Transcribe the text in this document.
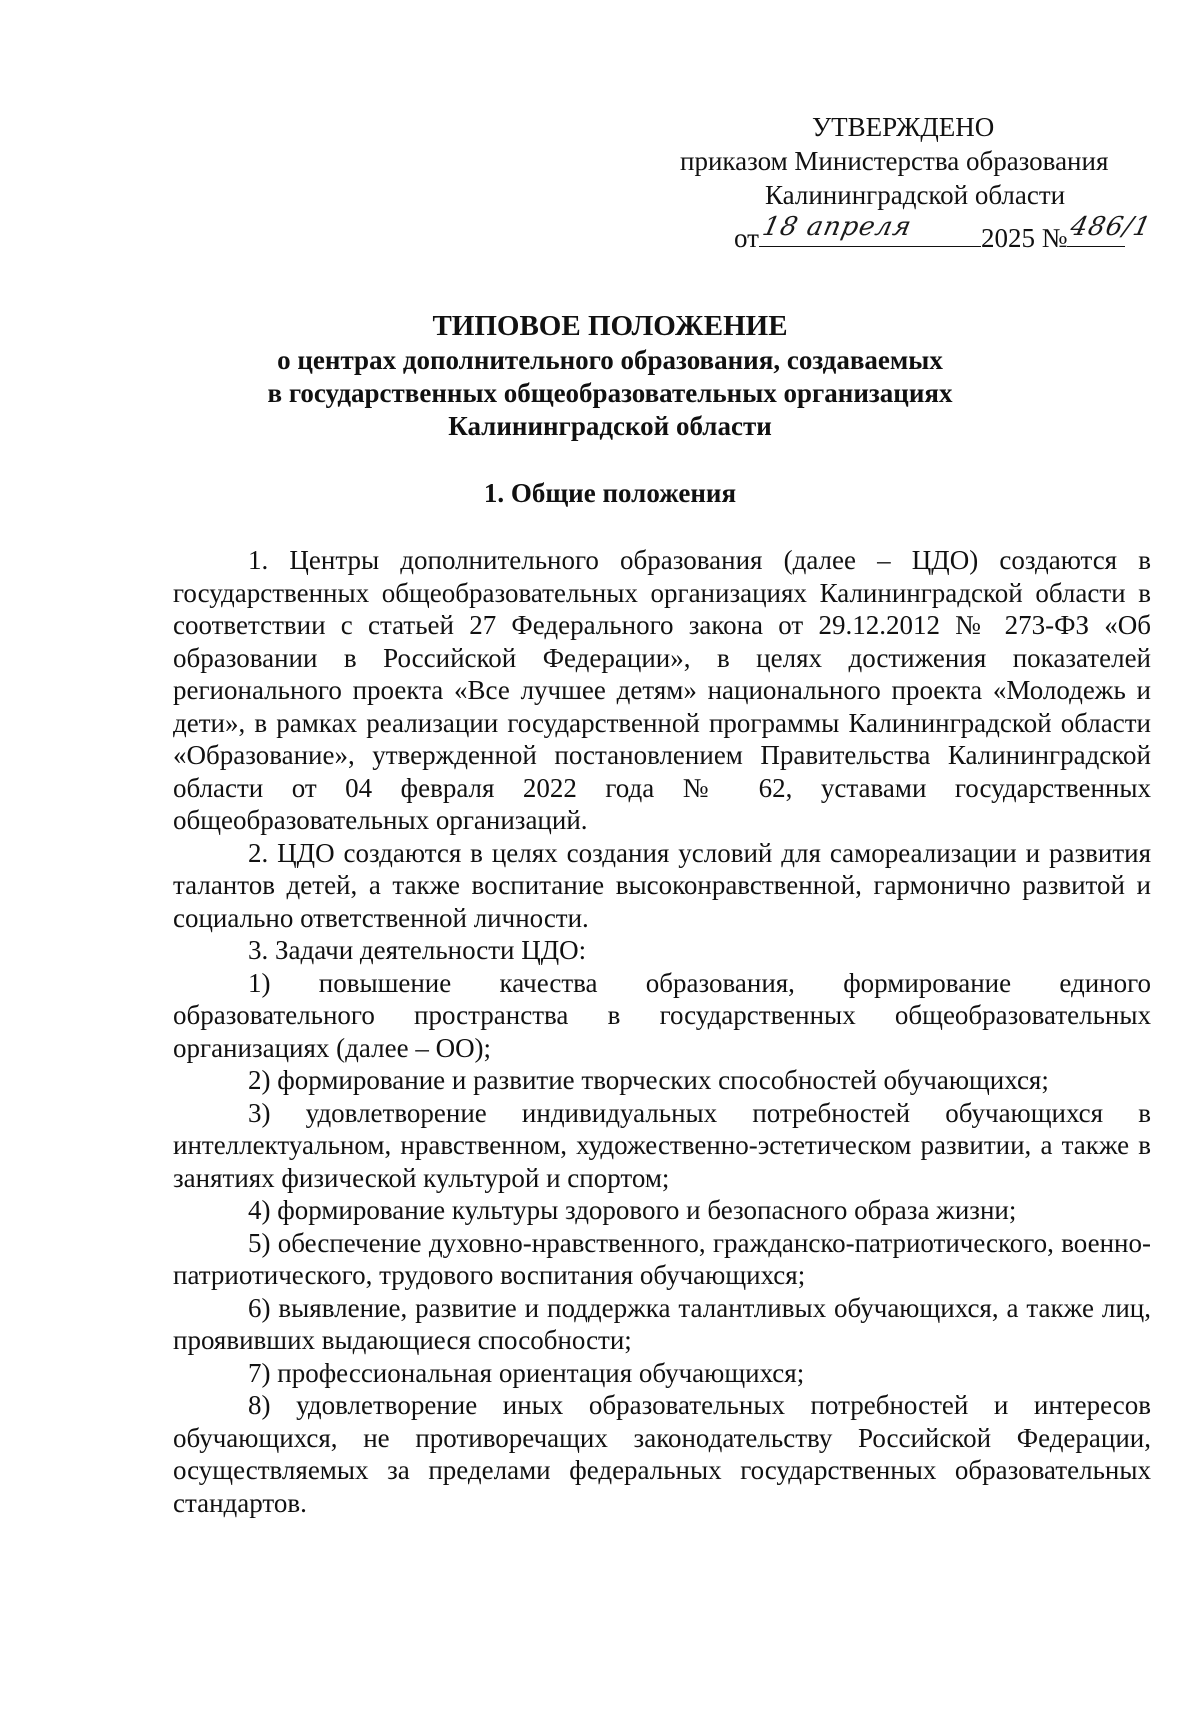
УТВЕРЖДЕНО
приказом Министерства образования
Калининградской области
от 18 апреля 2025 № 486/1
ТИПОВОЕ ПОЛОЖЕНИЕ
о центрах дополнительного образования, создаваемых
в государственных общеобразовательных организациях
Калининградской области
1. Общие положения

1. Центры дополнительного образования (далее – ЦДО) создаются в государственных общеобразовательных организациях Калининградской области в соответствии с статьей 27 Федерального закона от 29.12.2012 № 273-ФЗ «Об образовании в Российской Федерации», в целях достижения показателей регионального проекта «Все лучшее детям» национального проекта «Молодежь и дети», в рамках реализации государственной программы Калининградской области «Образование», утвержденной постановлением Правительства Калининградской области от 04 февраля 2022 года № 62, уставами государственных общеобразовательных организаций.

2. ЦДО создаются в целях создания условий для самореализации и развития талантов детей, а также воспитание высоконравственной, гармонично развитой и социально ответственной личности.

3. Задачи деятельности ЦДО:

1) повышение качества образования, формирование единого образовательного пространства в государственных общеобразовательных организациях (далее – ОО);

2) формирование и развитие творческих способностей обучающихся;

3) удовлетворение индивидуальных потребностей обучающихся в интеллектуальном, нравственном, художественно-эстетическом развитии, а также в занятиях физической культурой и спортом;

4) формирование культуры здорового и безопасного образа жизни;

5) обеспечение духовно-нравственного, гражданско-патриотического, военно-патриотического, трудового воспитания обучающихся;

6) выявление, развитие и поддержка талантливых обучающихся, а также лиц, проявивших выдающиеся способности;

7) профессиональная ориентация обучающихся;

8) удовлетворение иных образовательных потребностей и интересов обучающихся, не противоречащих законодательству Российской Федерации, осуществляемых за пределами федеральных государственных образовательных стандартов.
